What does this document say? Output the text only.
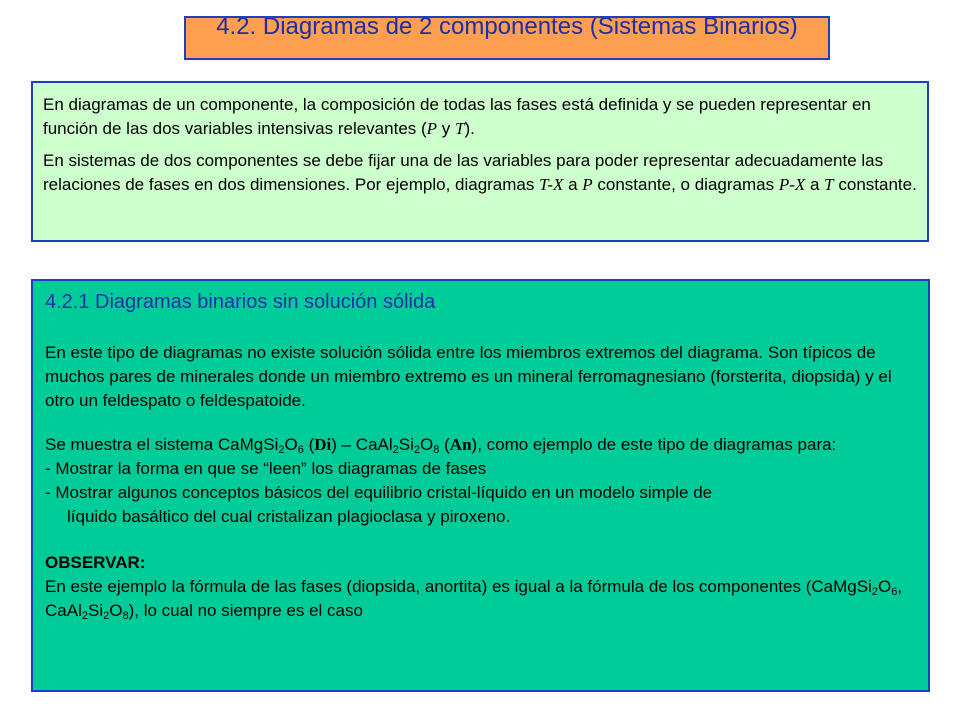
4.2. Diagramas de 2 componentes (Sistemas Binarios)

En diagramas de un componente, la composición de todas las fases está definida y se pueden representar en función de las dos variables intensivas relevantes (P y T).

En sistemas de dos componentes se debe fijar una de las variables para poder representar adecuadamente las relaciones de fases en dos dimensiones. Por ejemplo, diagramas T-X a P constante, o diagramas P-X a T constante.

4.2.1 Diagramas binarios sin solución sólida

En este tipo de diagramas no existe solución sólida entre los miembros extremos del diagrama. Son típicos de muchos pares de minerales donde un miembro extremo es un mineral ferromagnesiano (forsterita, diopsida) y el otro un feldespato o feldespatoide.

Se muestra el sistema $CaMgSi_2O_6$ $(Di) - CaAl_2Si_2O_8$ (An), como ejemplo de este tipo de diagramas para:

- Mostrar la forma en que se “leen” los diagramas de fases

- Mostrar algunos conceptos básicos del equilibrio cristal-líquido en un modelo simple de

líquido basáltico del cual cristalizan plagioclasa y piroxeno.

OBSERVAR:

En este ejemplo la fórmula de las fases (diopsida, anortita) es igual a la fórmula de los componentes ($CaMgSi_2O_6$, $CaAl_2Si_2O_8$), lo cual no siempre es el caso
